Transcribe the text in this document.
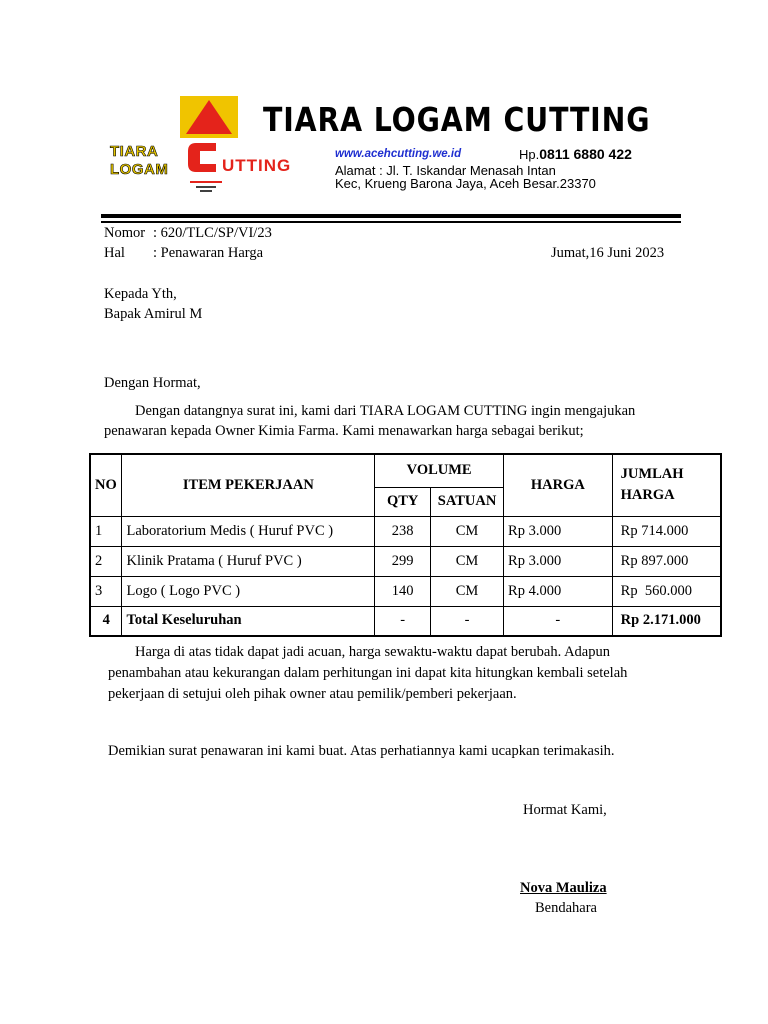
TIARA
LOGAM	UTTING
TIARA LOGAM CUTTING
www.acehcutting.we.id	Hp.0811 6880 422
Alamat : Jl. T. Iskandar Menasah Intan
Kec, Krueng Barona Jaya, Aceh Besar.23370
Nomor : 620/TLC/SP/VI/23
Hal : Penawaran Harga	Jumat,16 Juni 2023
Kepada Yth,
Bapak Amirul M
Dengan Hormat,
Dengan datangnya surat ini, kami dari TIARA LOGAM CUTTING ingin mengajukan
penawaran kepada Owner Kimia Farma. Kami menawarkan harga sebagai berikut;
NO	ITEM PEKERJAAN	VOLUME		HARGA	JUMLAH
HARGA
		QTY	SATUAN		
1	Laboratorium Medis ( Huruf PVC )	238	CM	Rp 3.000	Rp 714.000
2	Klinik Pratama ( Huruf PVC )	299	CM	Rp 3.000	Rp 897.000
3	Logo ( Logo PVC )	140	CM	Rp 4.000	Rp  560.000
4	Total Keseluruhan	-	-	-	Rp 2.171.000
Harga di atas tidak dapat jadi acuan, harga sewaktu-waktu dapat berubah. Adapun
penambahan atau kekurangan dalam perhitungan ini dapat kita hitungkan kembali setelah
pekerjaan di setujui oleh pihak owner atau pemilik/pemberi pekerjaan.
Demikian surat penawaran ini kami buat. Atas perhatiannya kami ucapkan terimakasih.
Hormat Kami,
Nova Mauliza
Bendahara
